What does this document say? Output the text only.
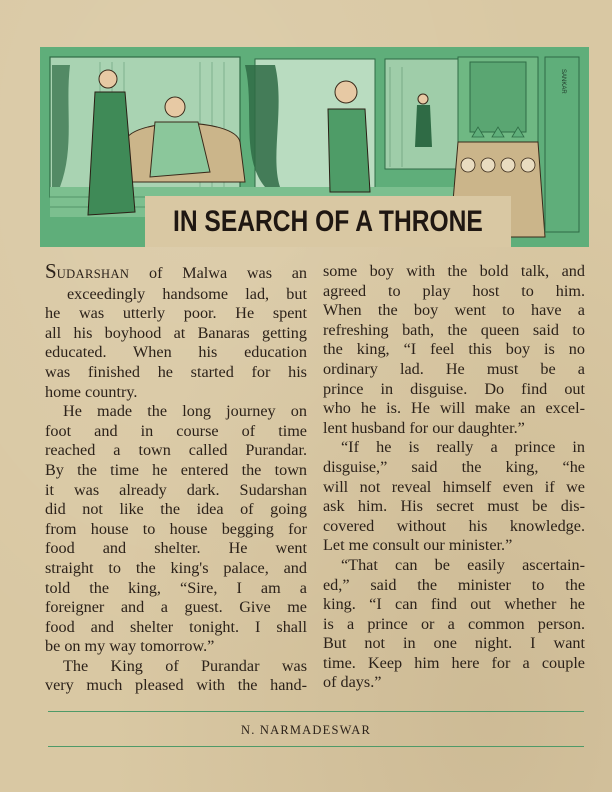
SANKAR
IN SEARCH OF A THRONE

SUDARSHAN of Malwa was an

exceedingly handsome lad, but

he was utterly poor. He spent

all his boyhood at Banaras getting

educated. When his education

was finished he started for his

home country.

He made the long journey on

foot and in course of time

reached a town called Purandar.

By the time he entered the town

it was already dark. Sudarshan

did not like the idea of going

from house to house begging for

food and shelter. He went

straight to the king's palace, and

told the king, “Sire, I am a

foreigner and a guest. Give me

food and shelter tonight. I shall

be on my way tomorrow.”

The King of Purandar was

very much pleased with the hand-

some boy with the bold talk, and

agreed to play host to him.

When the boy went to have a

refreshing bath, the queen said to

the king, “I feel this boy is no

ordinary lad. He must be a

prince in disguise. Do find out

who he is. He will make an excel-

lent husband for our daughter.”

“If he is really a prince in

disguise,” said the king, “he

will not reveal himself even if we

ask him. His secret must be dis-

covered without his knowledge.

Let me consult our minister.”

“That can be easily ascertain-

ed,” said the minister to the

king. “I can find out whether he

is a prince or a common person.

But not in one night. I want

time. Keep him here for a couple

of days.”

N. NARMADESWAR
